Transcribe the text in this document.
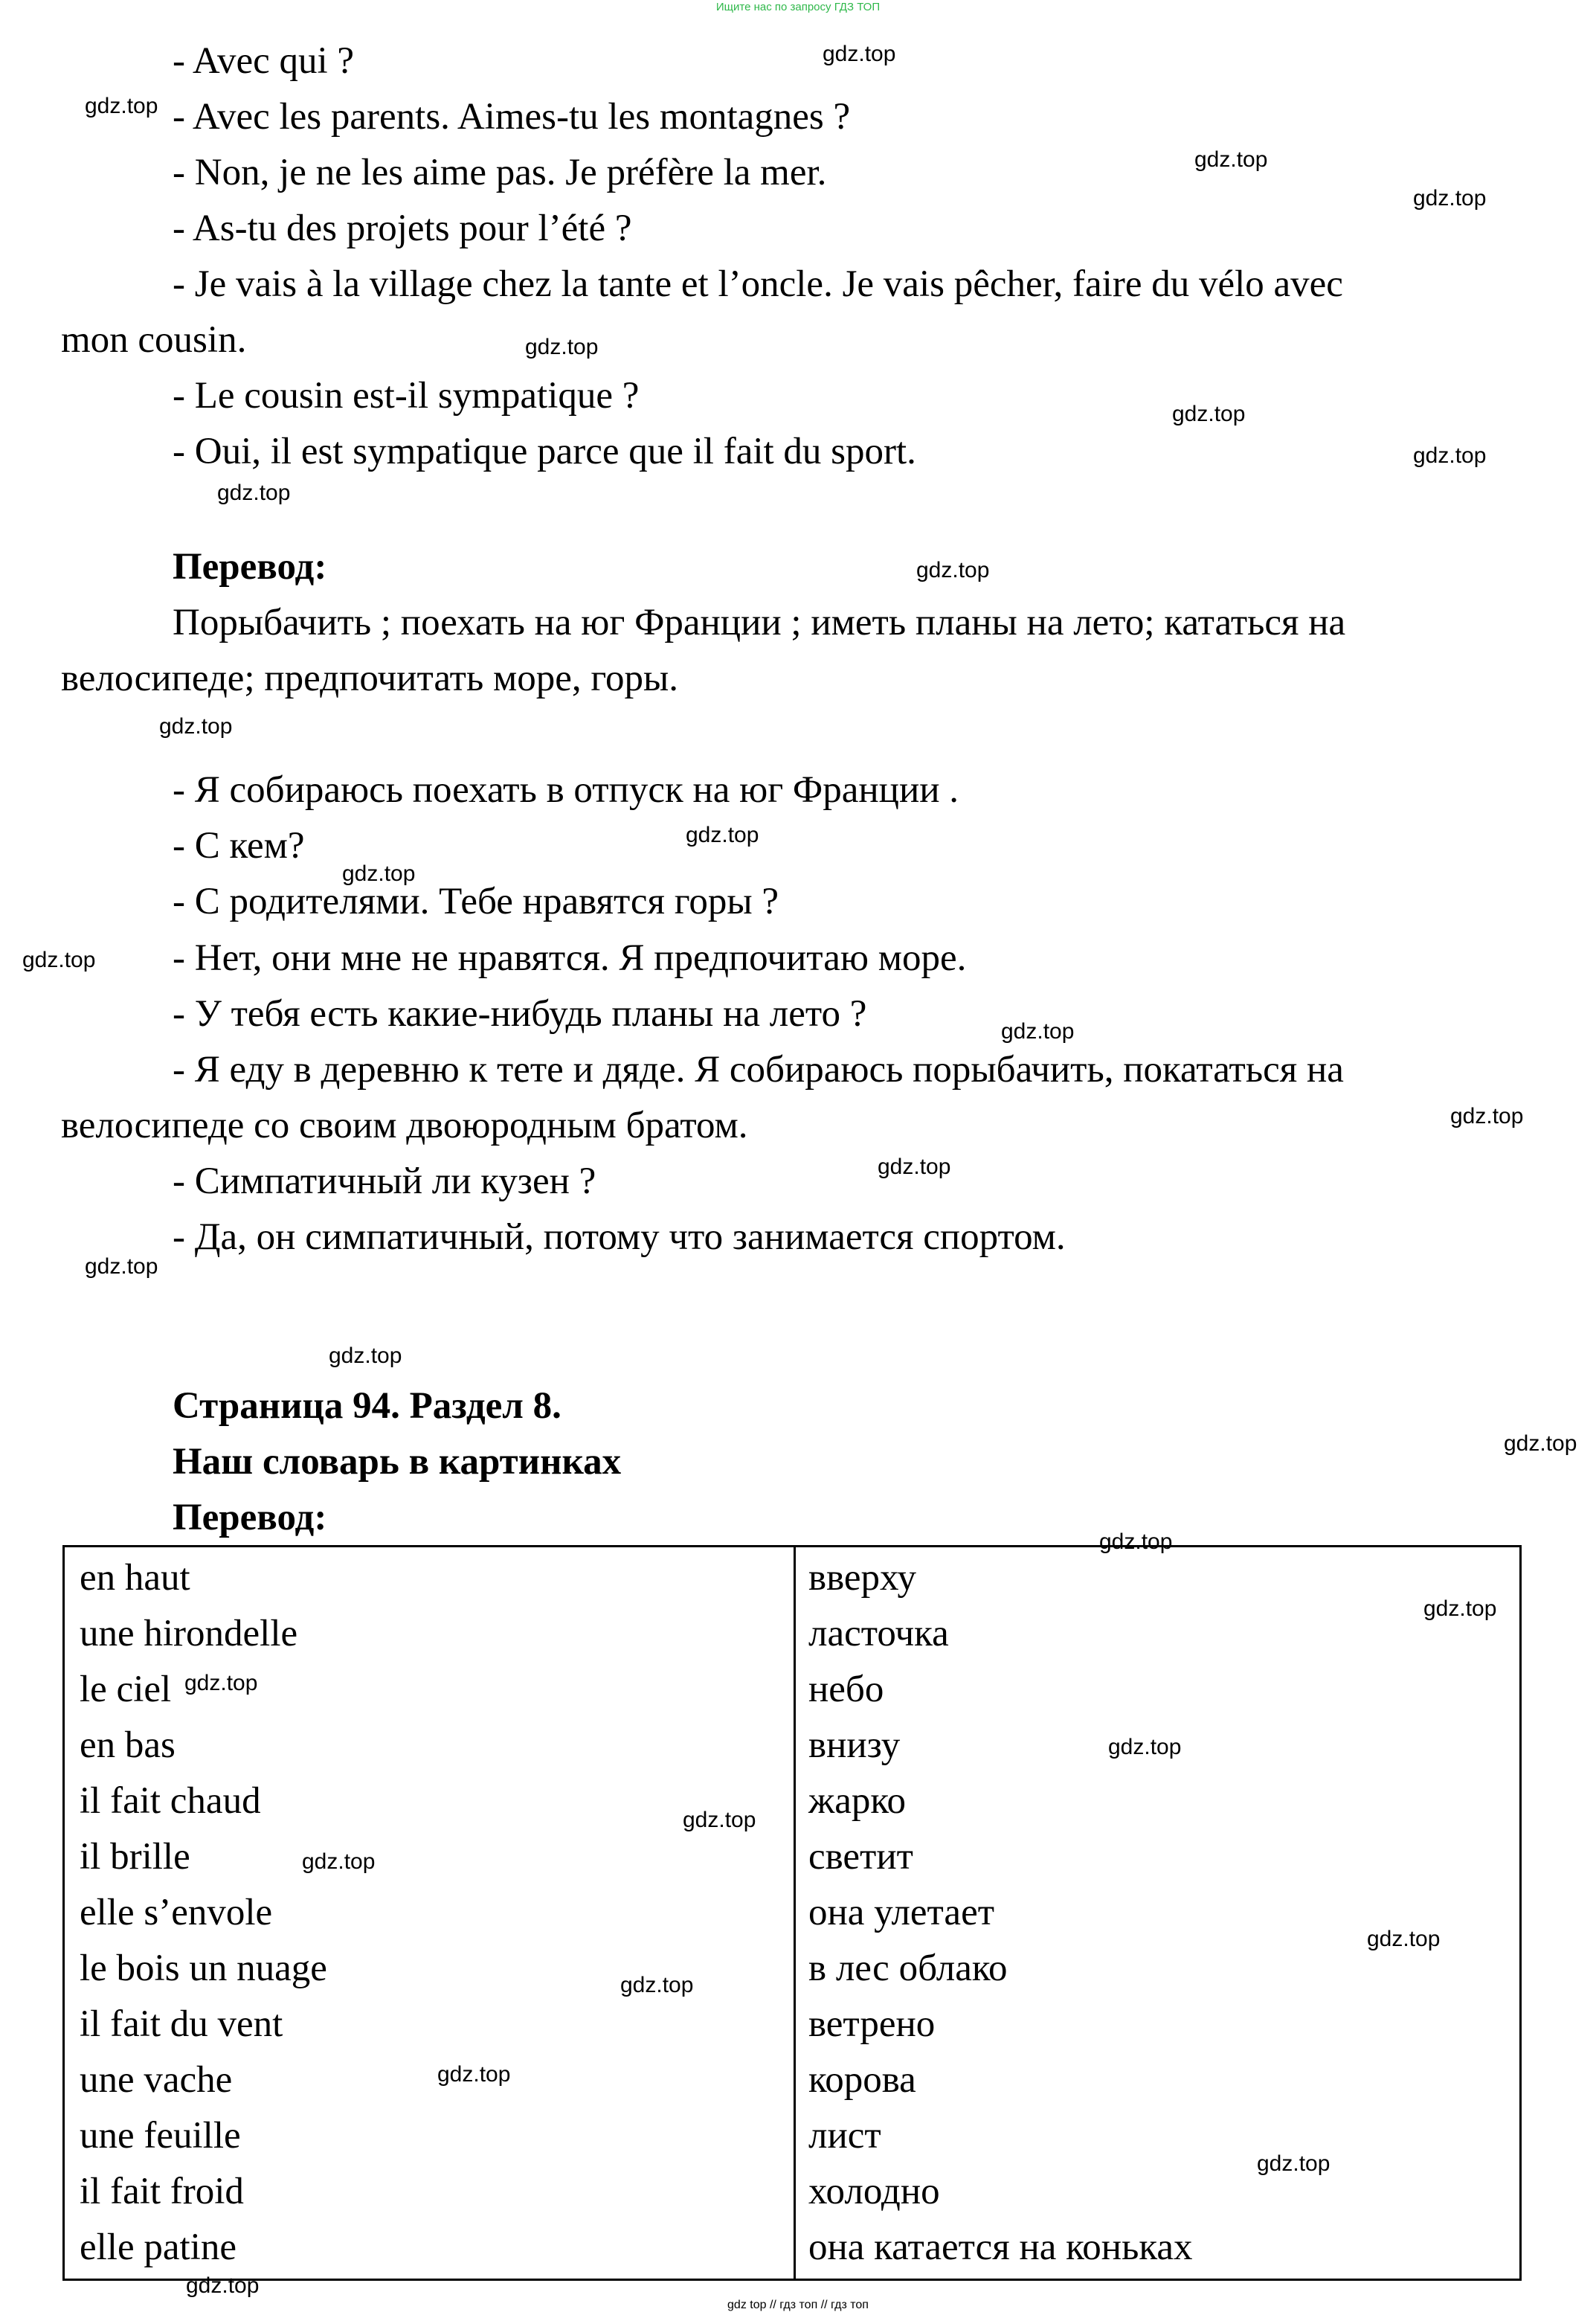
Ищите нас по запросу ГДЗ ТОП
- Avec qui ?
- Avec les parents. Aimes-tu les montagnes ?
- Non, je ne les aime pas. Je préfère la mer.
- As-tu des projets pour l’été ?
- Je vais à la village chez la tante et l’oncle. Je vais pêcher, faire du vélo avec
mon cousin.
- Le cousin est-il sympatique ?
- Oui, il est sympatique parce que il fait du sport.
Перевод:
Порыбачить ; поехать на юг Франции ; иметь планы на лето; кататься на
велосипеде; предпочитать море, горы.
- Я собираюсь поехать в отпуск на юг Франции .
- С кем?
- С родителями. Тебе нравятся горы ?
- Нет, они мне не нравятся. Я предпочитаю море.
- У тебя есть какие-нибудь планы на лето ?
- Я еду в деревню к тете и дяде. Я собираюсь порыбачить, покататься на
велосипеде со своим двоюродным братом.
- Симпатичный ли кузен ?
- Да, он симпатичный, потому что занимается спортом.
Страница 94. Раздел 8.
Наш словарь в картинках
Перевод:
en haut	вверху
une hirondelle	ласточка
le ciel	небо
en bas	внизу
il fait chaud	жарко
il brille	светит
elle s’envole	она улетает
le bois un nuage	в лес облако
il fait du vent	ветрено
une vache	корова
une feuille	лист
il fait froid	холодно
elle patine	она катается на коньках
gdz.top
gdz.top
gdz.top
gdz.top
gdz.top
gdz.top
gdz.top
gdz.top
gdz.top
gdz.top
gdz.top
gdz.top
gdz.top
gdz.top
gdz.top
gdz.top
gdz.top
gdz.top
gdz.top
gdz.top
gdz.top
gdz.top
gdz.top
gdz.top
gdz.top
gdz.top
gdz.top
gdz.top
gdz.top
gdz.top
gdz top // гдз топ // гдз топ
